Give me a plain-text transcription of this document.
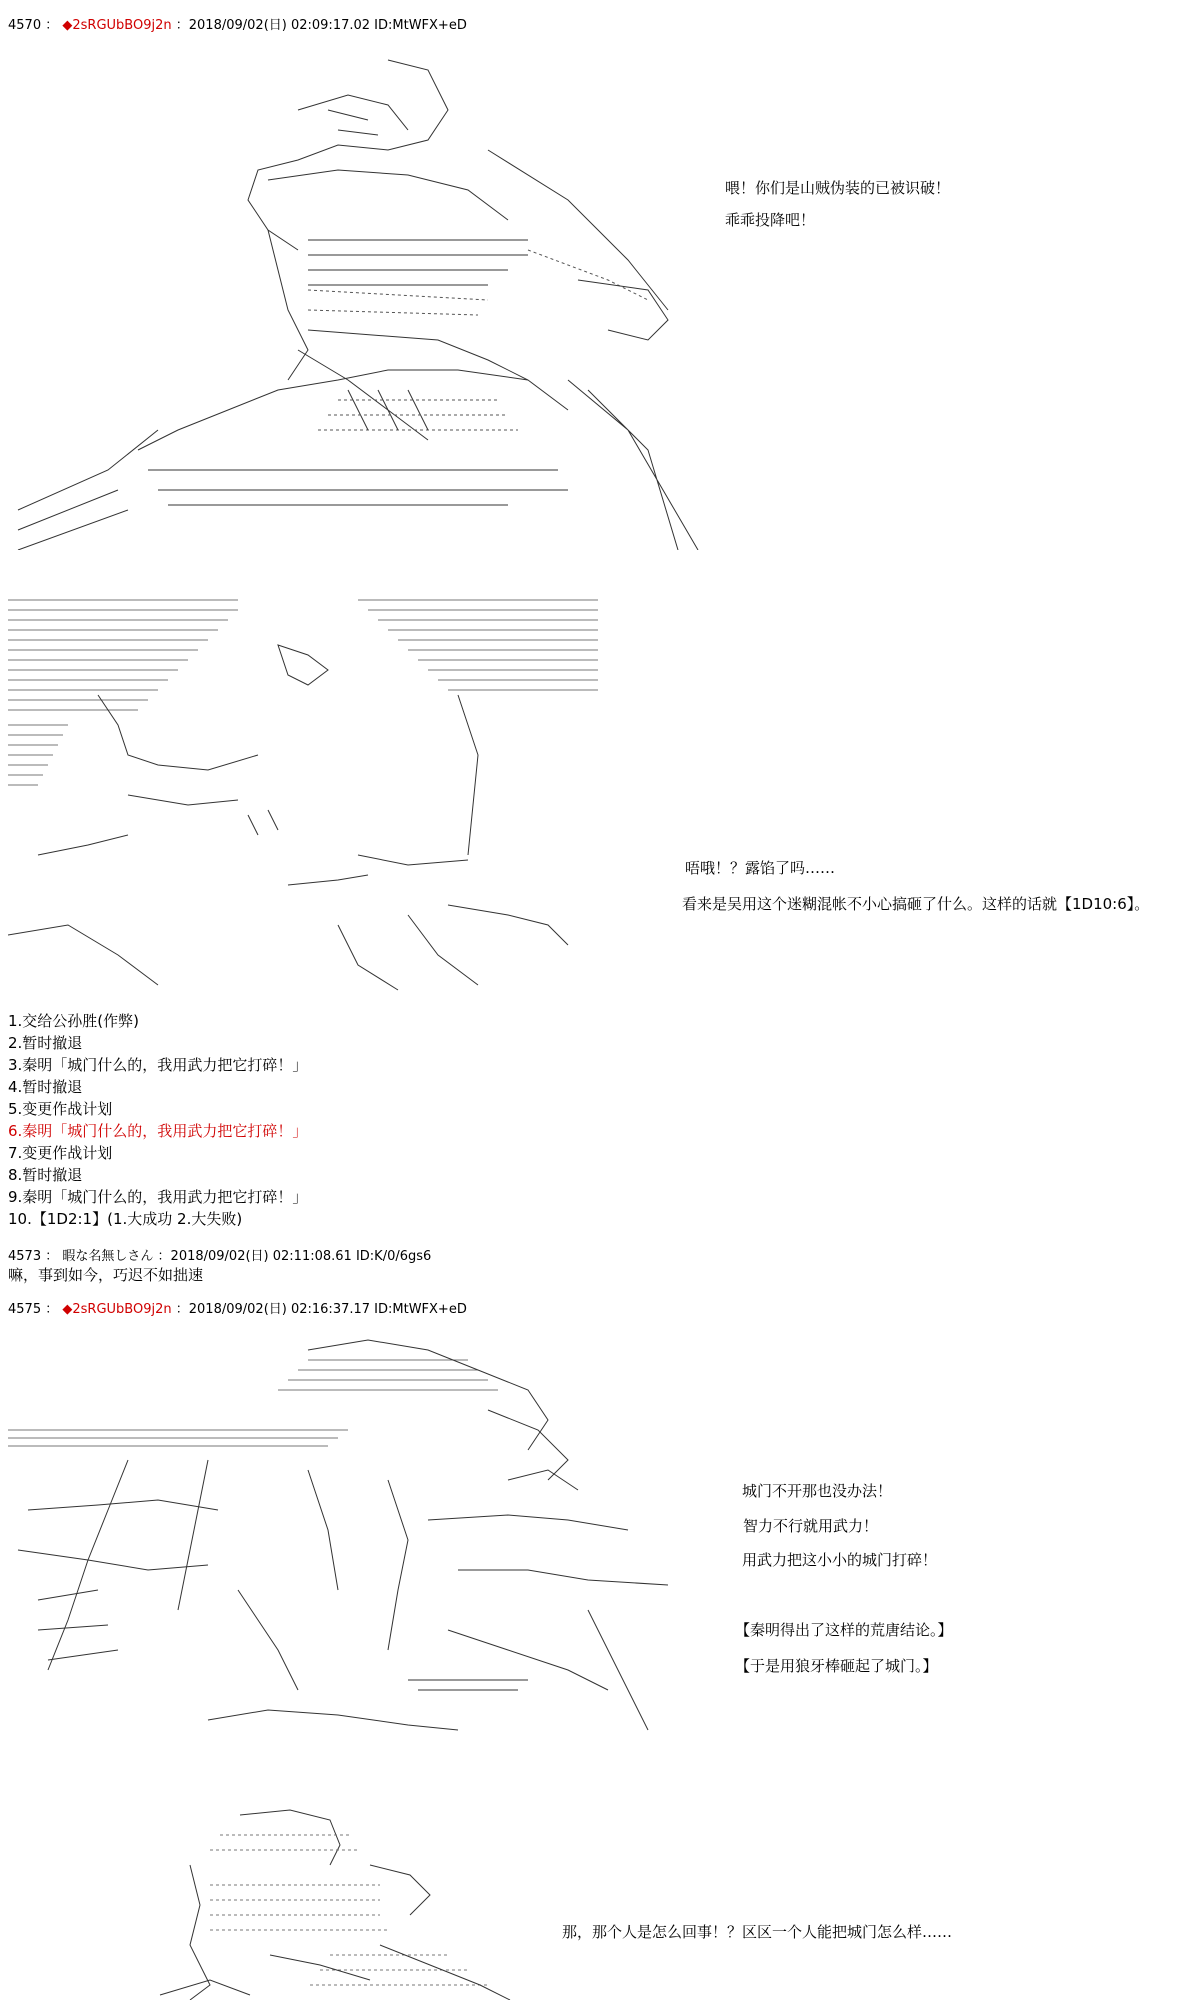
4570 ： ◆2sRGUbBO9j2n ：2018/09/02(日) 02:09:17.02 ID:MtWFX+eD
喂！你们是山贼伪装的已被识破！
乖乖投降吧！
唔哦！？露馅了吗……
看来是吴用这个迷糊混帐不小心搞砸了什么。这样的话就【1D10:6】。
1.交给公孙胜(作弊)
2.暂时撤退
3.秦明「城门什么的，我用武力把它打碎！」
4.暂时撤退
5.变更作战计划
6.秦明「城门什么的，我用武力把它打碎！」
7.变更作战计划
8.暂时撤退
9.秦明「城门什么的，我用武力把它打碎！」
10.【1D2:1】(1.大成功 2.大失败)
4573 ： 暇な名無しさん ：2018/09/02(日) 02:11:08.61 ID:K/0/6gs6
嘛，事到如今，巧迟不如拙速
4575 ： ◆2sRGUbBO9j2n ：2018/09/02(日) 02:16:37.17 ID:MtWFX+eD
城门不开那也没办法！
智力不行就用武力！
用武力把这小小的城门打碎！
【秦明得出了这样的荒唐结论。】
【于是用狼牙棒砸起了城门。】
那，那个人是怎么回事！？区区一个人能把城门怎么样……
